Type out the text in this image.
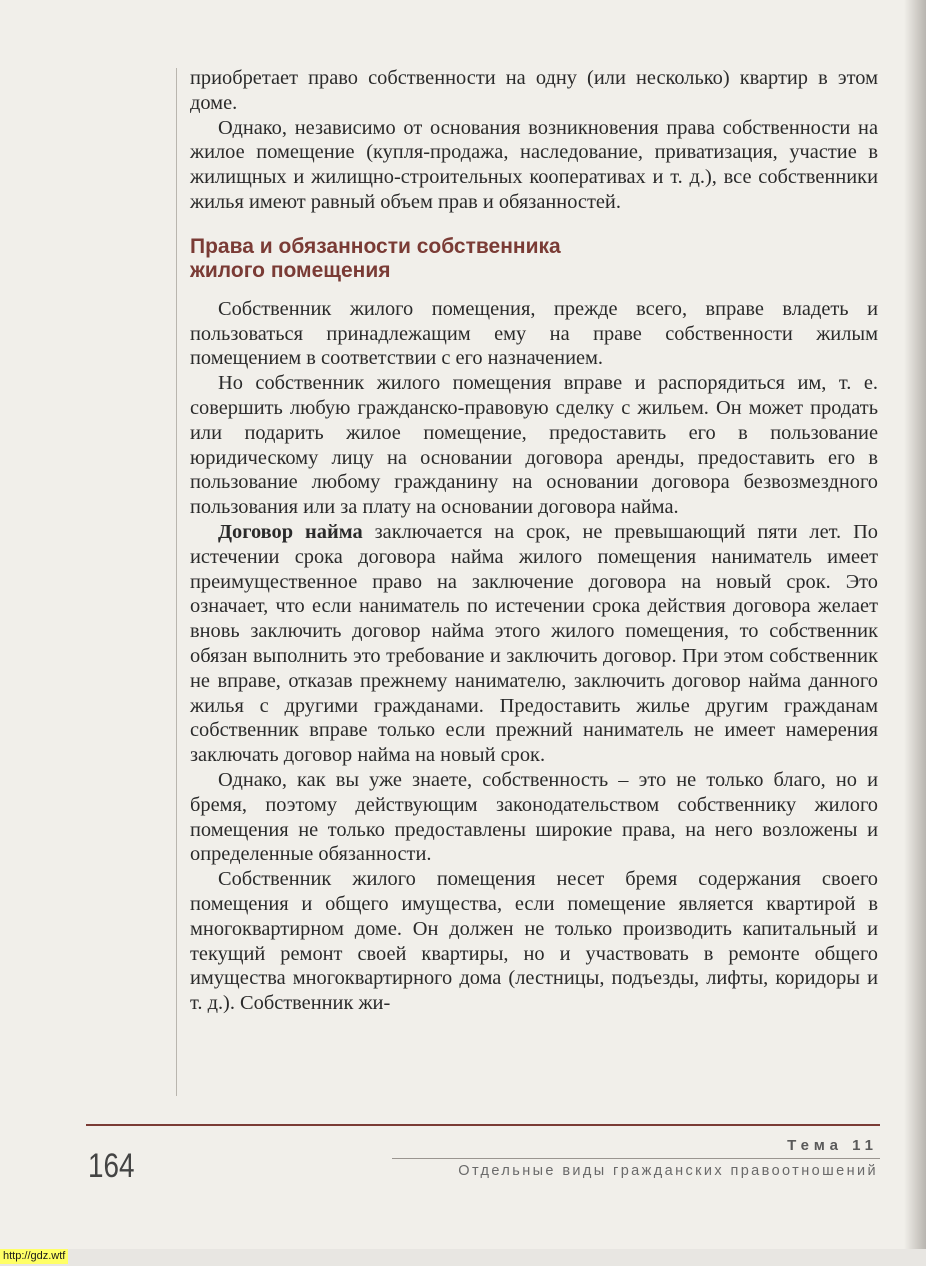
приобретает право собственности на одну (или несколько) квартир в этом доме.

Однако, независимо от основания возникновения права собственности на жилое помещение (купля-продажа, наследование, приватизация, участие в жилищных и жилищно-строительных кооперативах и т. д.), все собственники жилья имеют равный объем прав и обязанностей.

Права и обязанности собственника
жилого помещения

Собственник жилого помещения, прежде всего, вправе владеть и пользоваться принадлежащим ему на праве собственности жилым помещением в соответствии с его назначением.

Но собственник жилого помещения вправе и распорядиться им, т. е. совершить любую гражданско-правовую сделку с жильем. Он может продать или подарить жилое помещение, предоставить его в пользование юридическому лицу на основании договора аренды, предоставить его в пользование любому гражданину на основании договора безвозмездного пользования или за плату на основании договора найма.

Договор найма заключается на срок, не превышающий пяти лет. По истечении срока договора найма жилого помещения наниматель имеет преимущественное право на заключение договора на новый срок. Это означает, что если наниматель по истечении срока действия договора желает вновь заключить договор найма этого жилого помещения, то собственник обязан выполнить это требование и заключить договор. При этом собственник не вправе, отказав прежнему нанимателю, заключить договор найма данного жилья с другими гражданами. Предоставить жилье другим гражданам собственник вправе только если прежний наниматель не имеет намерения заключать договор найма на новый срок.

Однако, как вы уже знаете, собственность – это не только благо, но и бремя, поэтому действующим законодательством собственнику жилого помещения не только предоставлены широкие права, на него возложены и определенные обязанности.

Собственник жилого помещения несет бремя содержания своего помещения и общего имущества, если помещение является квартирой в многоквартирном доме. Он должен не только производить капитальный и текущий ремонт своей квартиры, но и участвовать в ремонте общего имущества многоквартирного дома (лестницы, подъезды, лифты, коридоры и т. д.). Собственник жи-

164
Тема 11
Отдельные виды гражданских правоотношений
http://gdz.wtf
